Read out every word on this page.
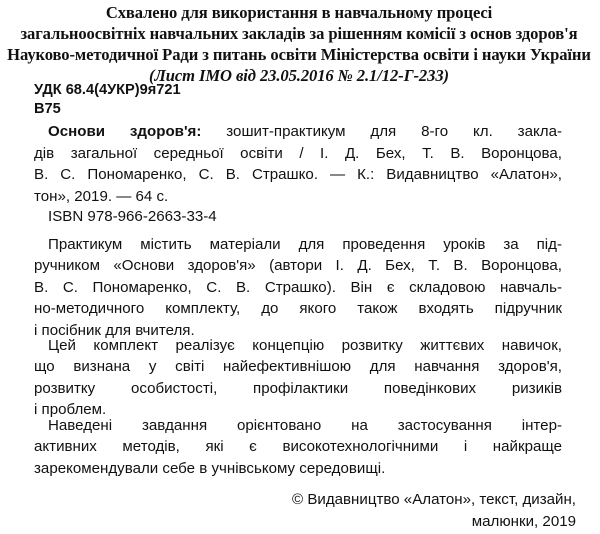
Схвалено для використання в навчальному процесі
загальноосвітніх навчальних закладів за рішенням комісії з основ здоров'я
Науково-методичної Ради з питань освіти Міністерства освіти і науки України
(Лист ІМО від 23.05.2016 № 2.1/12-Г-233)
УДК 68.4(4УКР)9я721
В75
Основи здоров'я: зошит-практикум для 8-го кл. закла-
дів загальної середньої освіти / І. Д. Бех, Т. В. Воронцова,
В. С. Пономаренко, С. В. Страшко. — К.: Видавництво «Алатон»,
тон», 2019. — 64 с.
ISBN 978-966-2663-33-4
Практикум містить матеріали для проведення уроків за під-
ручником «Основи здоров'я» (автори І. Д. Бех, Т. В. Воронцова,
В. С. Пономаренко, С. В. Страшко). Він є складовою навчаль-
но-методичного комплекту, до якого також входять підручник
і посібник для вчителя.
Цей комплект реалізує концепцію розвитку життєвих навичок,
що визнана у світі найефективнішою для навчання здоров'я,
розвитку особистості, профілактики поведінкових ризиків
і проблем.
Наведені завдання орієнтовано на застосування інтер-
активних методів, які є високотехнологічними і найкраще
зарекомендували себе в учнівському середовищі.
© Видавництво «Алатон», текст, дизайн,
малюнки, 2019
